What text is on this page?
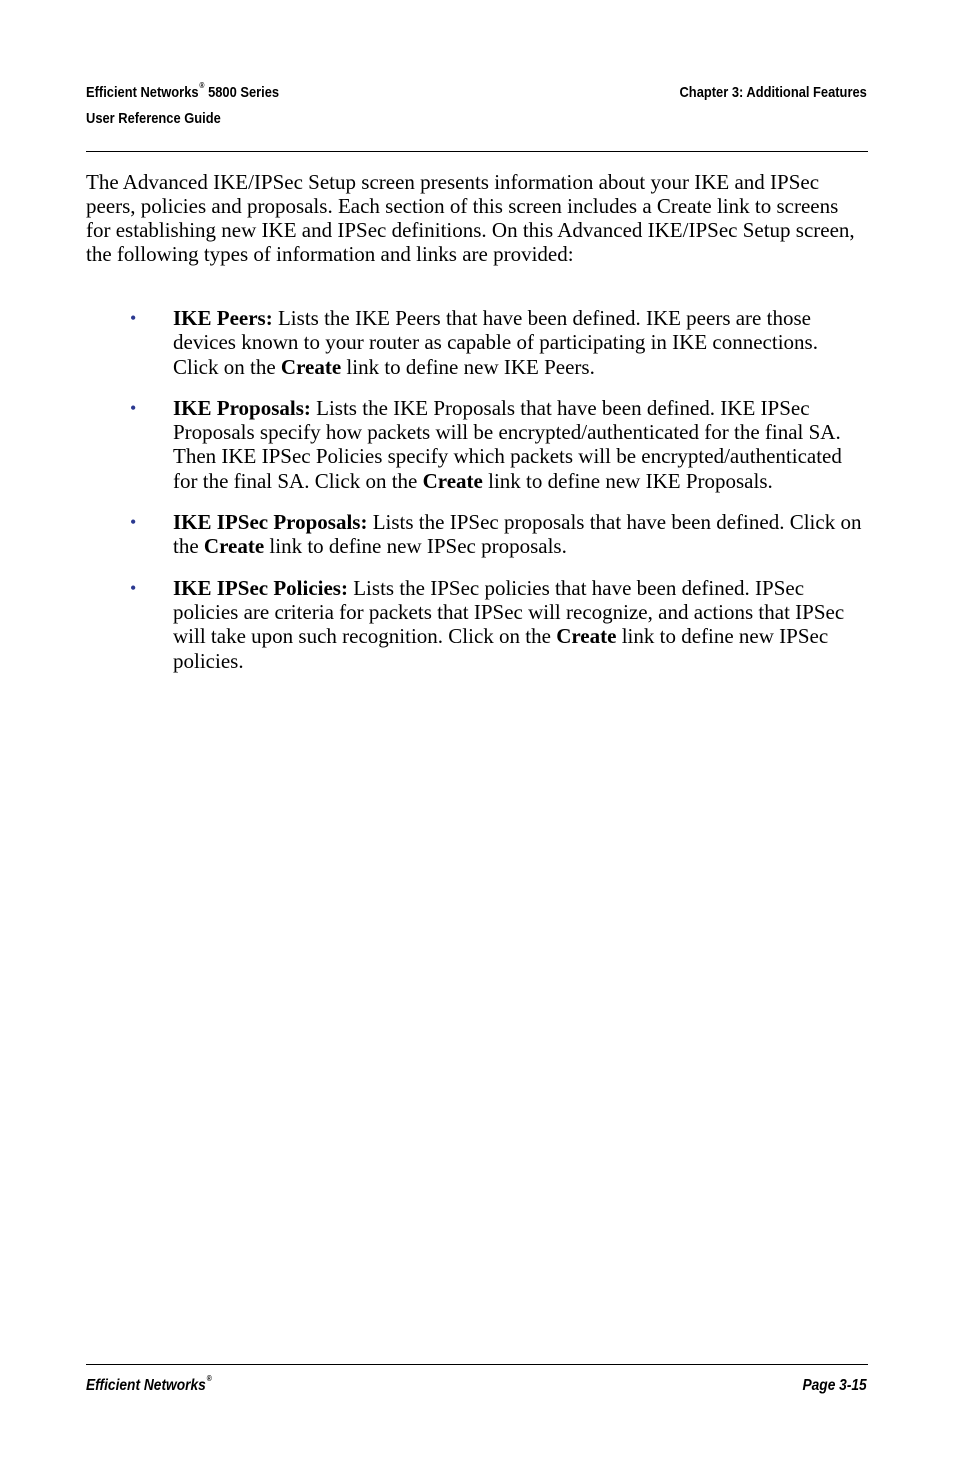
Efficient Networks® 5800 Series
User Reference Guide
Chapter 3: Additional Features

The Advanced IKE/IPSec Setup screen presents information about your IKE and IPSec peers, policies and proposals. Each section of this screen includes a Create link to screens for establishing new IKE and IPSec definitions. On this Advanced IKE/IPSec Setup screen, the following types of information and links are provided:

• IKE Peers: Lists the IKE Peers that have been defined. IKE peers are those devices known to your router as capable of participating in IKE connections. Click on the Create link to define new IKE Peers.
• IKE Proposals: Lists the IKE Proposals that have been defined. IKE IPSec Proposals specify how packets will be encrypted/authenticated for the final SA. Then IKE IPSec Policies specify which packets will be encrypted/authenticated for the final SA. Click on the Create link to define new IKE Proposals.
• IKE IPSec Proposals: Lists the IPSec proposals that have been defined. Click on the Create link to define new IPSec proposals.
• IKE IPSec Policies: Lists the IPSec policies that have been defined. IPSec policies are criteria for packets that IPSec will recognize, and actions that IPSec will take upon such recognition. Click on the Create link to define new IPSec policies.
Efficient Networks®	Page 3-15
